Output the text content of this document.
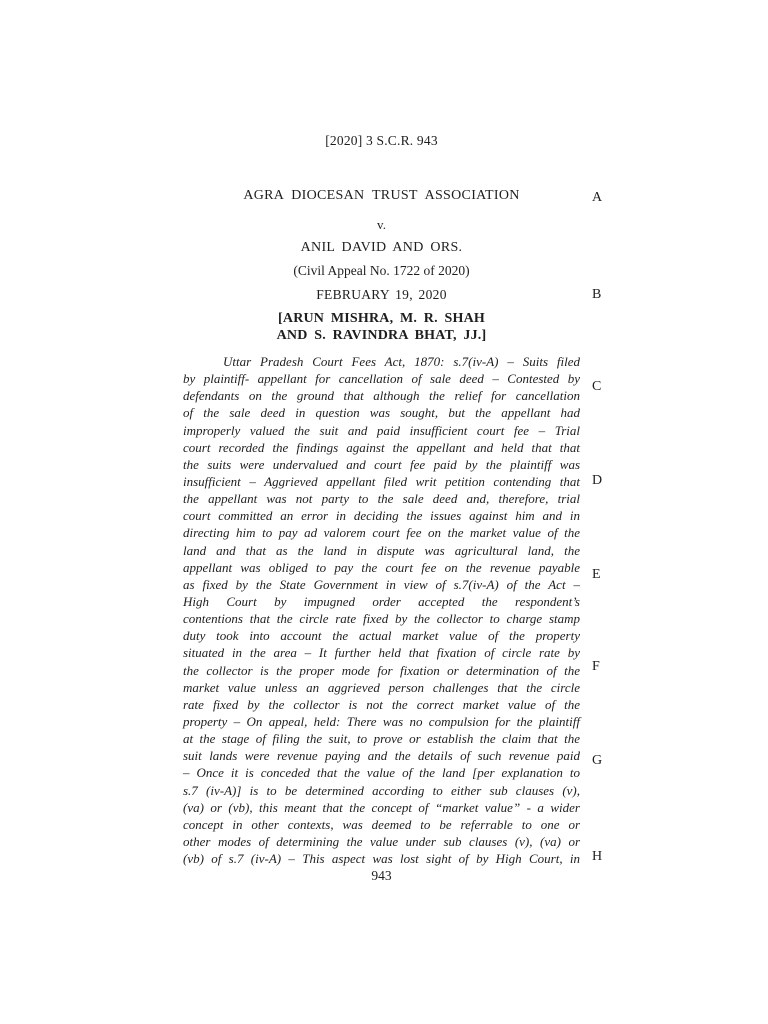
[2020] 3 S.C.R. 943
AGRA DIOCESAN TRUST ASSOCIATION
v.
ANIL DAVID AND ORS.
(Civil Appeal No. 1722 of 2020)
FEBRUARY 19, 2020
[ARUN MISHRA, M. R. SHAH
AND S. RAVINDRA BHAT, JJ.]
Uttar Pradesh Court Fees Act, 1870: s.7(iv-A) – Suits filed
by plaintiff- appellant for cancellation of sale deed – Contested by
defendants on the ground that although the relief for cancellation
of the sale deed in question was sought, but the appellant had
improperly valued the suit and paid insufficient court fee – Trial
court recorded the findings against the appellant and held that that
the suits were undervalued and court fee paid by the plaintiff was
insufficient – Aggrieved appellant filed writ petition contending that
the appellant was not party to the sale deed and, therefore, trial
court committed an error in deciding the issues against him and in
directing him to pay ad valorem court fee on the market value of the
land and that as the land in dispute was agricultural land, the
appellant was obliged to pay the court fee on the revenue payable
as fixed by the State Government in view of s.7(iv-A) of the Act –
High Court by impugned order accepted the respondent’s
contentions that the circle rate fixed by the collector to charge stamp
duty took into account the actual market value of the property
situated in the area – It further held that fixation of circle rate by
the collector is the proper mode for fixation or determination of the
market value unless an aggrieved person challenges that the circle
rate fixed by the collector is not the correct market value of the
property – On appeal, held: There was no compulsion for the plaintiff
at the stage of filing the suit, to prove or establish the claim that the
suit lands were revenue paying and the details of such revenue paid
– Once it is conceded that the value of the land [per explanation to
s.7 (iv-A)] is to be determined according to either sub clauses (v),
(va) or (vb), this meant that the concept of “market value” - a wider
concept in other contexts, was deemed to be referrable to one or
other modes of determining the value under sub clauses (v), (va) or
(vb) of s.7 (iv-A) – This aspect was lost sight of by High Court, in
A
B
C
D
E
F
G
H
943
